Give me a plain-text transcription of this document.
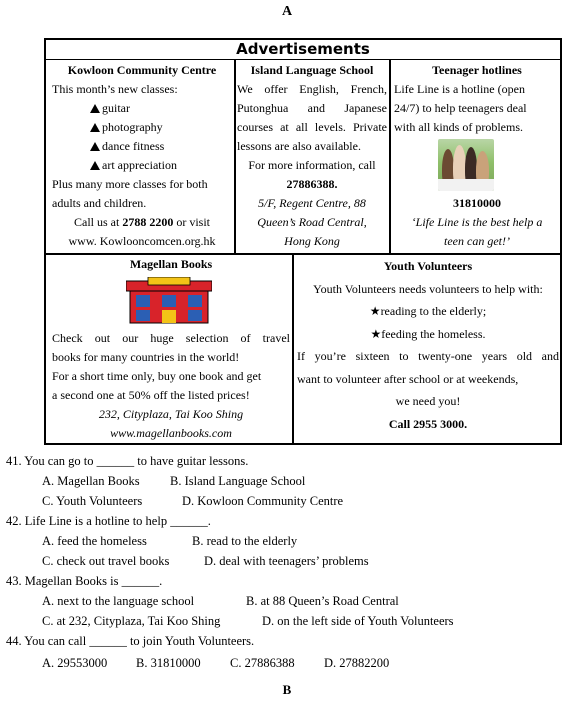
A
Advertisements
Kowloon Community Centre
This month’s new classes:
guitar
photography
dance fitness
art appreciation
Plus many more classes for both
adults and children.
Call us at 2788 2200 or visit
www. Kowlooncomcen.org.hk
Island Language School
We offer English, French,
Putonghua and Japanese
courses at all levels. Private
lessons are also available.
For more information, call
27886388.
5/F, Regent Centre, 88
Queen’s Road Central,
Hong Kong
Teenager hotlines
Life Line is a hotline (open
24/7) to help teenagers deal
with all kinds of problems.
31810000
‘Life Line is the best help a
teen can get!’
Magellan Books
Check out our huge selection of travel
books for many countries in the world!
For a short time only, buy one book and get
a second one at 50% off the listed prices!
232, Cityplaza, Tai Koo Shing
www.magellanbooks.com
Youth Volunteers
Youth Volunteers needs volunteers to help with:
★reading to the elderly;
★feeding the homeless.
If you’re sixteen to twenty-one years old and
want to volunteer after school or at weekends,
we need you!
Call 2955 3000.
41. You can go to ______ to have guitar lessons.
A. Magellan Books B. Island Language School
C. Youth Volunteers	D. Kowloon Community Centre
42. Life Line is a hotline to help ______.
A. feed the homeless	B. read to the elderly
C. check out travel books	D. deal with teenagers’ problems
43. Magellan Books is ______.
A. next to the language school	B. at 88 Queen’s Road Central
C. at 232, Cityplaza, Tai Koo Shing	D. on the left side of Youth Volunteers
44. You can call ______ to join Youth Volunteers.
A. 29553000 B. 31810000 C. 27886388 D. 27882200
B
